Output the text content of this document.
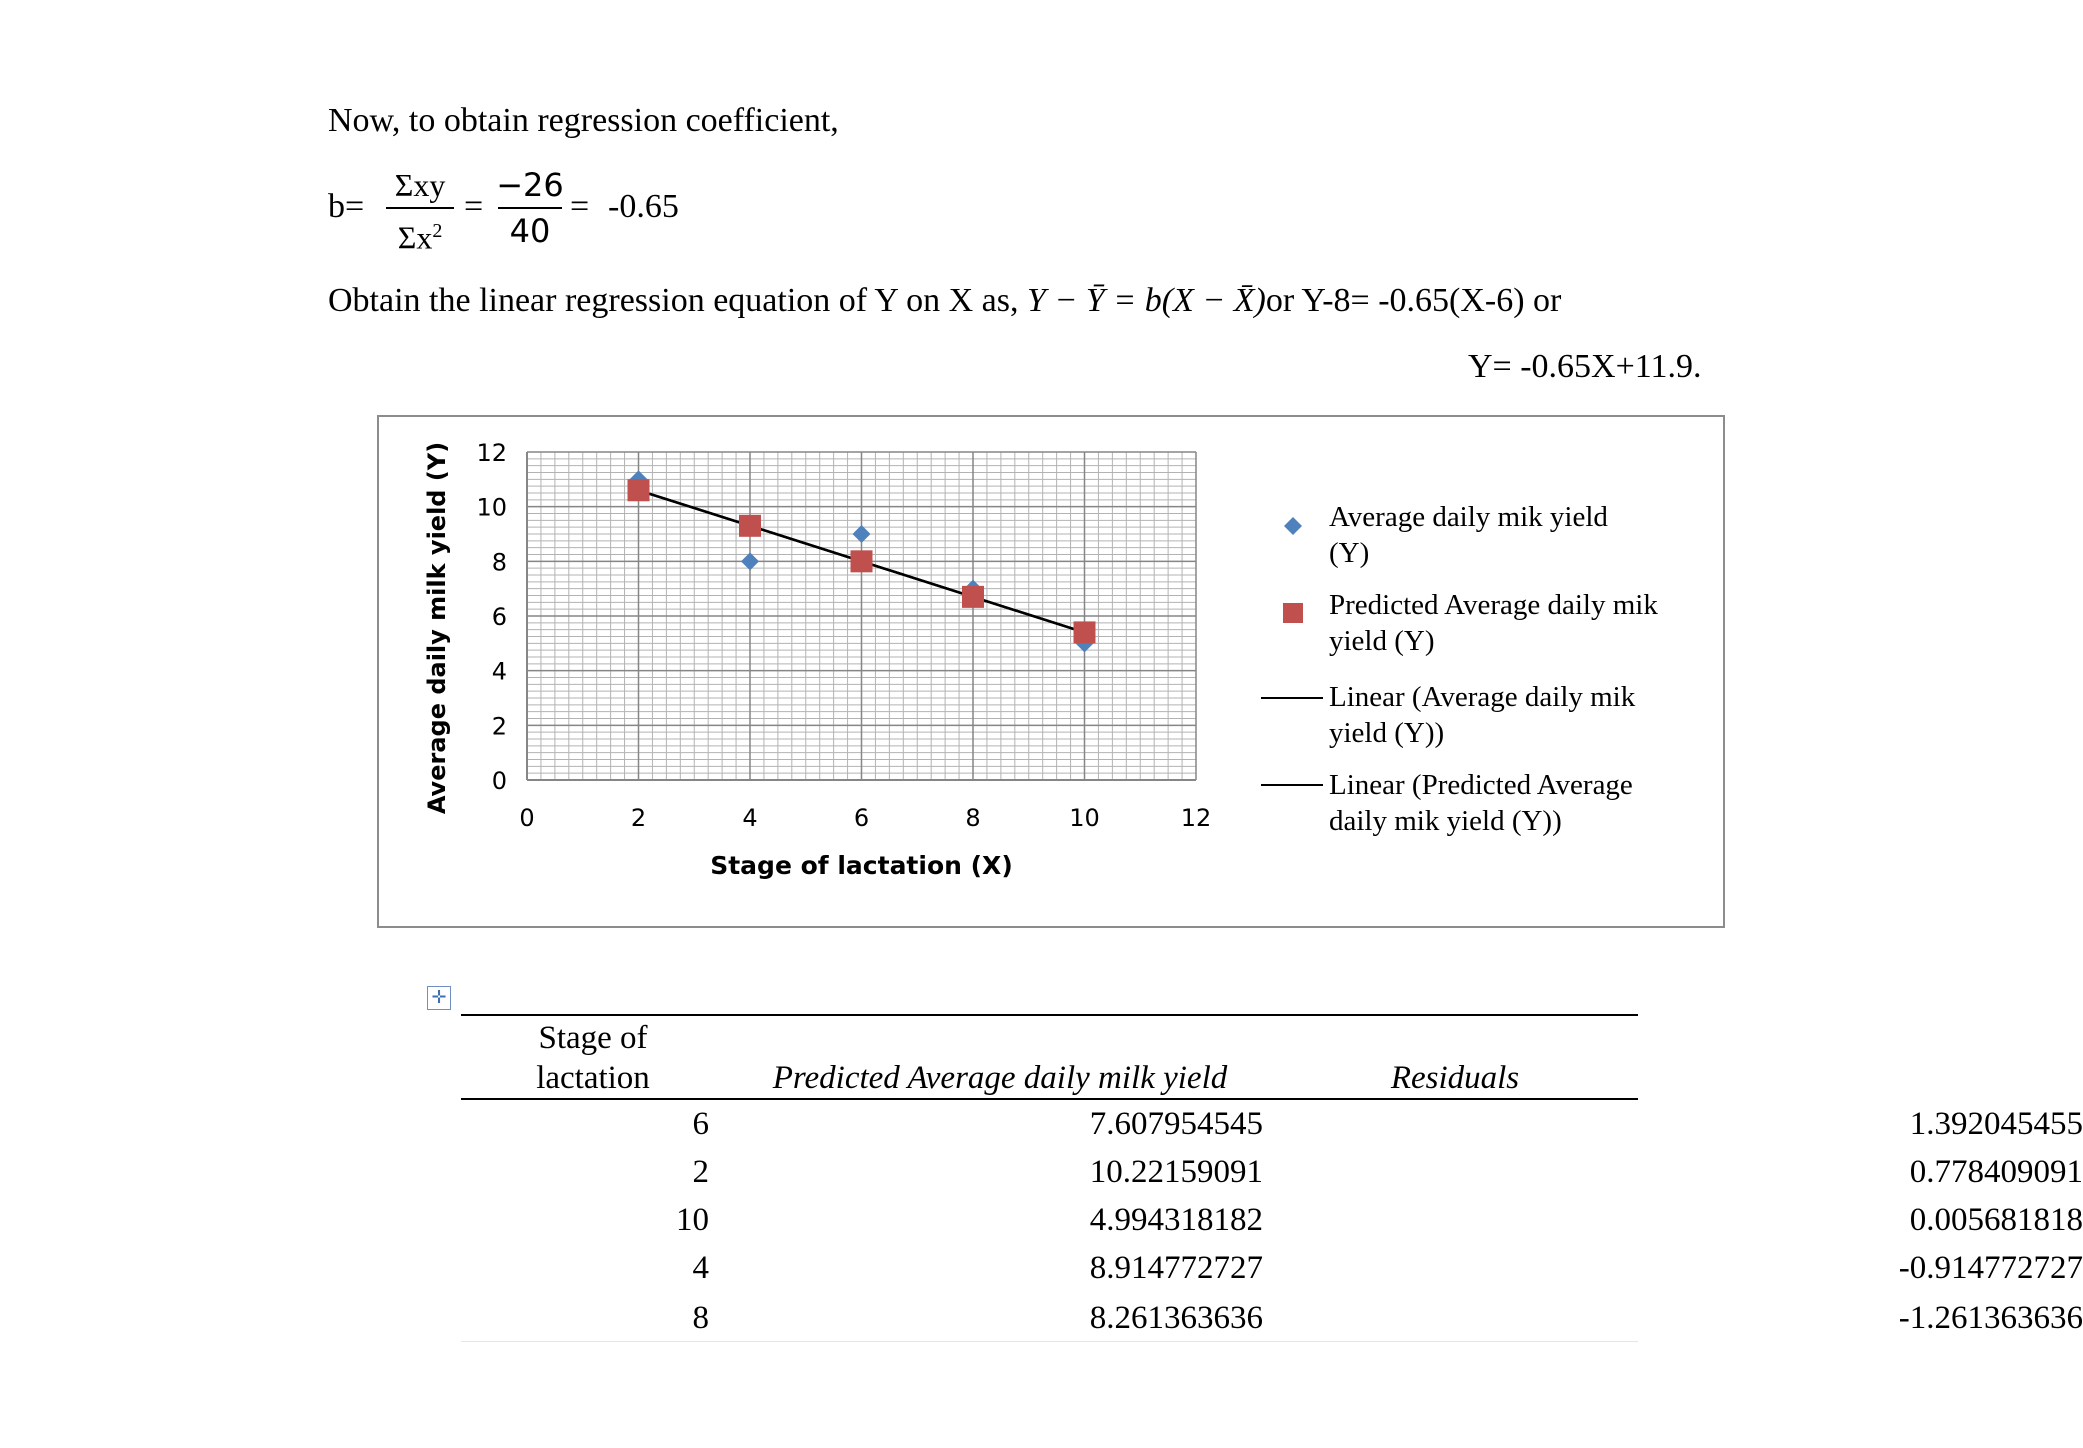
Now, to obtain regression coefficient,
b=
Σxy
$\Sigma x^2$
=
−26
40
= -0.65
Obtain the linear regression equation of Y on X as, Y − Ȳ = b(X − X̄)or Y-8= -0.65(X-6) or
Y= -0.65X+11.9.
0	2	4	6	8	10	12
0
2
4
6
8
10
12
Stage of lactation (X)
Average daily milk yield (Y)	Average daily mik yield
(Y)
Predicted Average daily mik
yield (Y)
Linear (Average daily mik
yield (Y))
Linear (Predicted Average
daily mik yield (Y))
✛
Stage of
lactation	Predicted Average daily milk yield	Residuals
6	7.607954545	1.392045455
2	10.22159091	0.778409091
10	4.994318182	0.005681818
4	8.914772727	-0.914772727
8	8.261363636	-1.261363636
